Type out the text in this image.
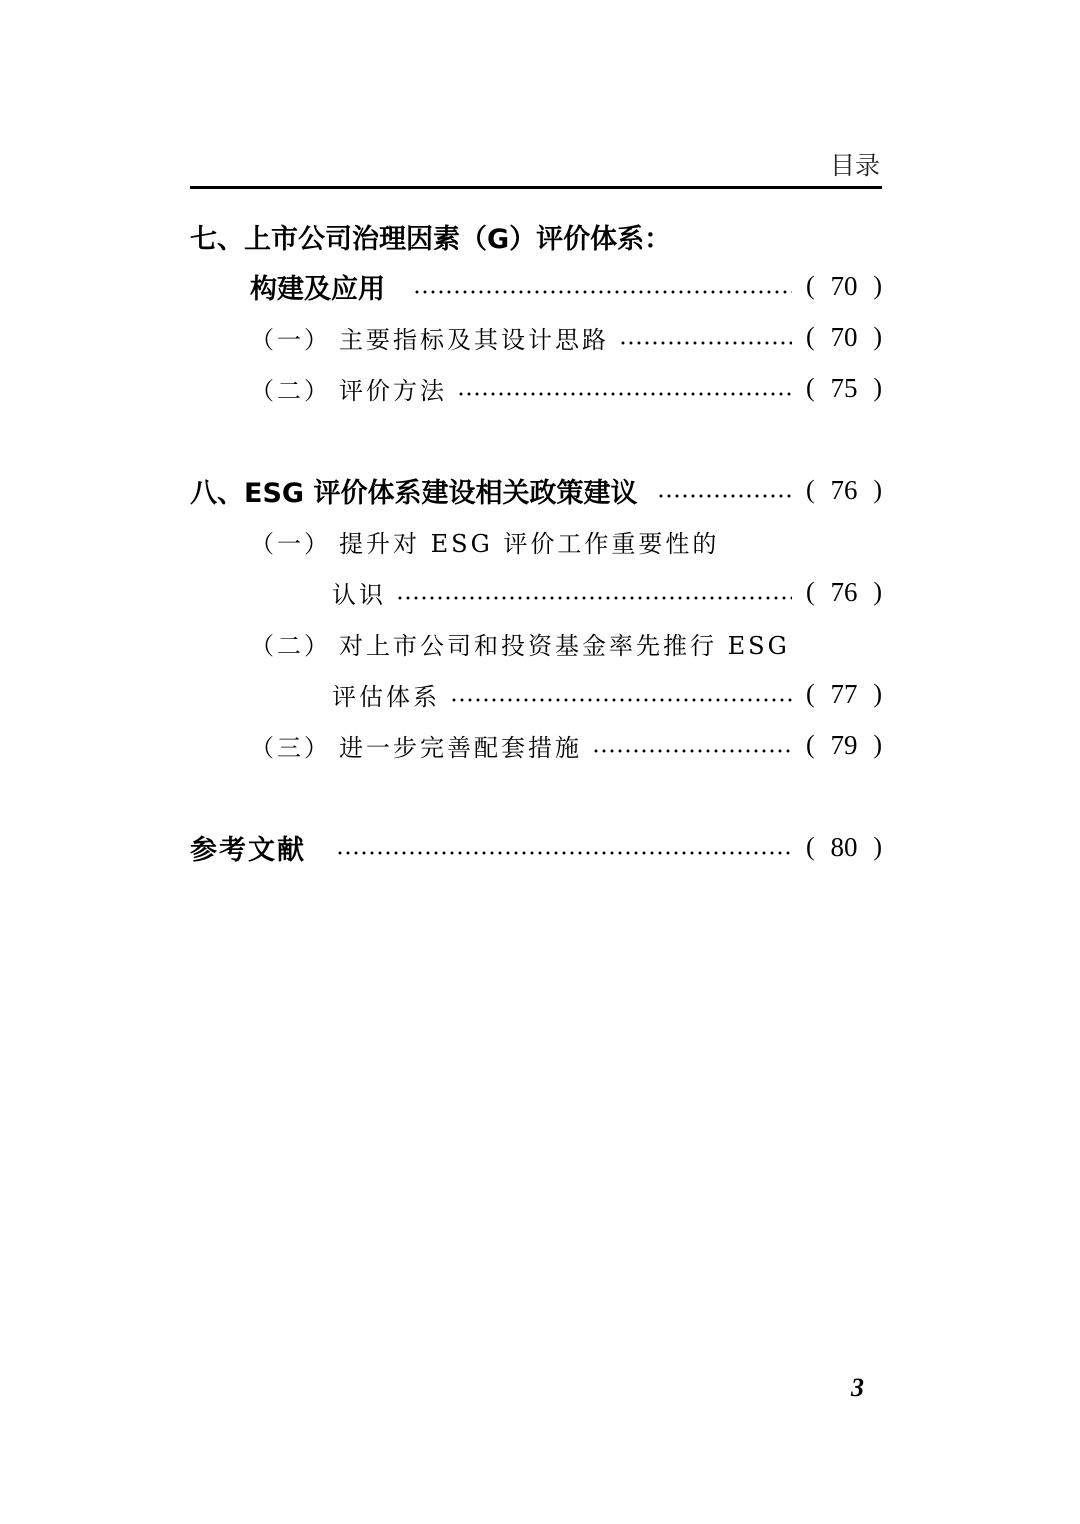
目录
七、上市公司治理因素（G）评价体系：
构建及应用	( 70 )
（一） 主要指标及其设计思路	( 70 )
（二） 评价方法	( 75 )
八、ESG 评价体系建设相关政策建议	( 76 )
（一） 提升对 ESG 评价工作重要性的
认识	( 76 )
（二） 对上市公司和投资基金率先推行 ESG
评估体系	( 77 )
（三） 进一步完善配套措施	( 79 )
参考文献	( 80 )
3
